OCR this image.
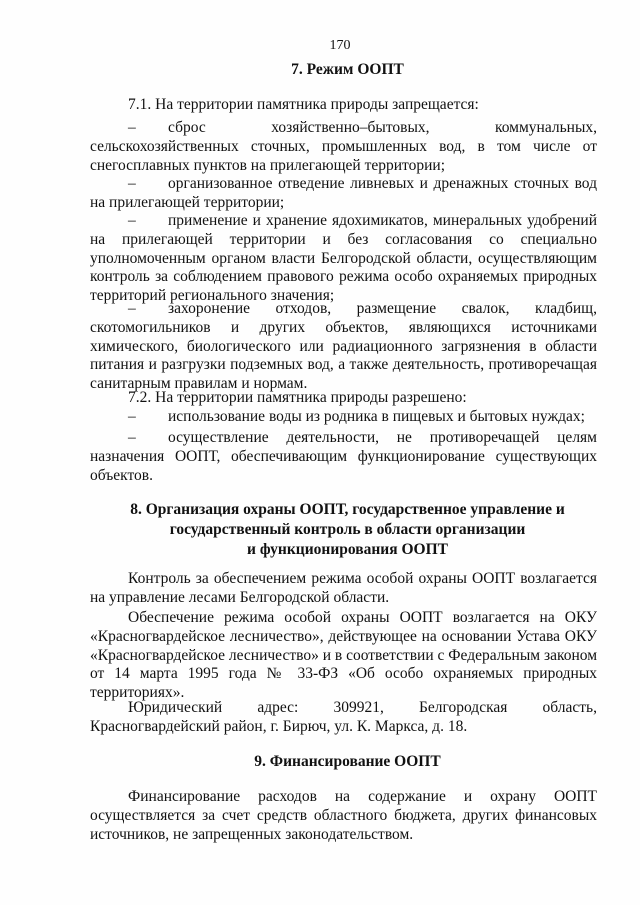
170
7. Режим ООПТ
7.1. На территории памятника природы запрещается:
– сброс хозяйственно–бытовых, коммунальных, сельскохозяйственных сточных, промышленных вод, в том числе от снегосплавных пунктов на прилегающей территории;
– организованное отведение ливневых и дренажных сточных вод на прилегающей территории;
– применение и хранение ядохимикатов, минеральных удобрений на прилегающей территории и без согласования со специально уполномоченным органом власти Белгородской области, осуществляющим контроль за соблюдением правового режима особо охраняемых природных территорий регионального значения;
– захоронение отходов, размещение свалок, кладбищ, скотомогильников и других объектов, являющихся источниками химического, биологического или радиационного загрязнения в области питания и разгрузки подземных вод, а также деятельность, противоречащая санитарным правилам и нормам.
7.2. На территории памятника природы разрешено:
– использование воды из родника в пищевых и бытовых нуждах;
– осуществление деятельности, не противоречащей целям назначения ООПТ, обеспечивающим функционирование существующих объектов.
8. Организация охраны ООПТ, государственное управление и
государственный контроль в области организации
и функционирования ООПТ
Контроль за обеспечением режима особой охраны ООПТ возлагается на управление лесами Белгородской области.
Обеспечение режима особой охраны ООПТ возлагается на ОКУ «Красногвардейское лесничество», действующее на основании Устава ОКУ «Красногвардейское лесничество» и в соответствии с Федеральным законом от 14 марта 1995 года № 33-ФЗ «Об особо охраняемых природных территориях».
Юридический адрес: 309921, Белгородская область, Красногвардейский район, г. Бирюч, ул. К. Маркса, д. 18.
9. Финансирование ООПТ
Финансирование расходов на содержание и охрану ООПТ осуществляется за счет средств областного бюджета, других финансовых источников, не запрещенных законодательством.
